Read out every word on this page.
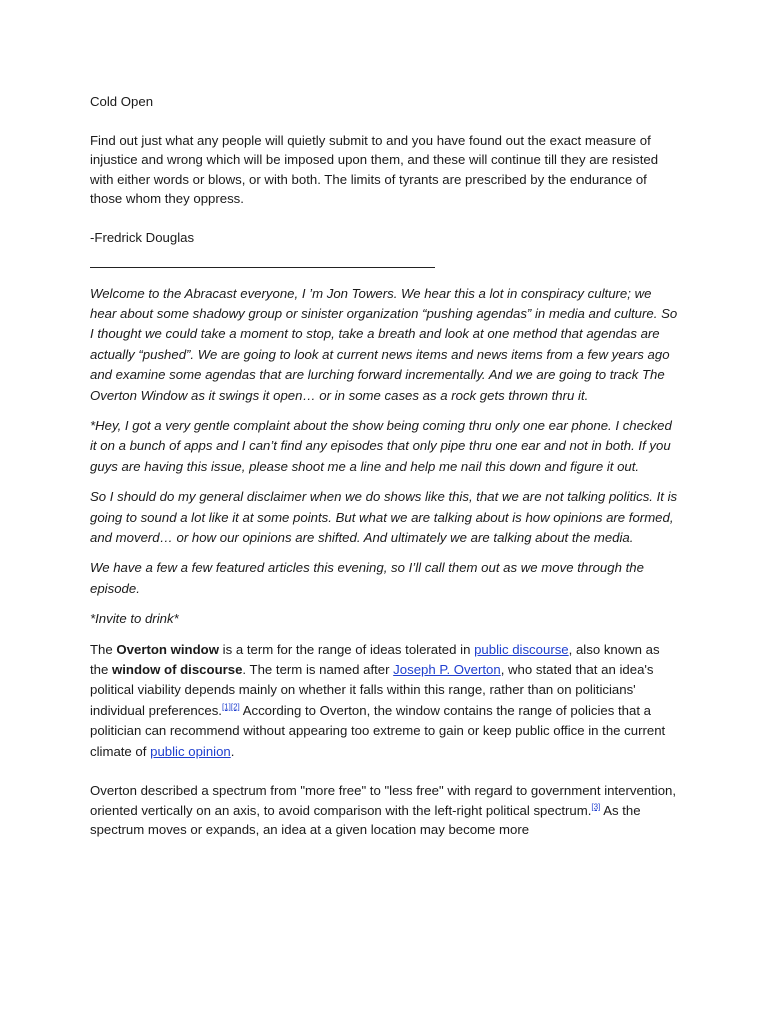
Cold Open

Find out just what any people will quietly submit to and you have found out the exact measure of injustice and wrong which will be imposed upon them, and these will continue till they are resisted with either words or blows, or with both. The limits of tyrants are prescribed by the endurance of those whom they oppress.

-Fredrick Douglas

Welcome to the Abracast everyone, I ’m Jon Towers. We hear this a lot in conspiracy culture; we hear about some shadowy group or sinister organization “pushing agendas” in media and culture. So I thought we could take a moment to stop, take a breath and look at one method that agendas are actually “pushed”. We are going to look at current news items and news items from a few years ago and examine some agendas that are lurching forward incrementally. And we are going to track The Overton Window as it swings it open… or in some cases as a rock gets thrown thru it.

*Hey, I got a very gentle complaint about the show being coming thru only one ear phone. I checked it on a bunch of apps and I can’t find any episodes that only pipe thru one ear and not in both. If you guys are having this issue, please shoot me a line and help me nail this down and figure it out.

So I should do my general disclaimer when we do shows like this, that we are not talking politics. It is going to sound a lot like it at some points. But what we are talking about is how opinions are formed, and moverd… or how our opinions are shifted. And ultimately we are talking about the media.

We have a few a few featured articles this evening, so I’ll call them out as we move through the episode.

*Invite to drink*

The Overton window is a term for the range of ideas tolerated in public discourse, also known as the window of discourse. The term is named after Joseph P. Overton, who stated that an idea's political viability depends mainly on whether it falls within this range, rather than on politicians' individual preferences.[1][2] According to Overton, the window contains the range of policies that a politician can recommend without appearing too extreme to gain or keep public office in the current climate of public opinion.

Overton described a spectrum from "more free" to "less free" with regard to government intervention, oriented vertically on an axis, to avoid comparison with the left-right political spectrum.[3] As the spectrum moves or expands, an idea at a given location may become more
